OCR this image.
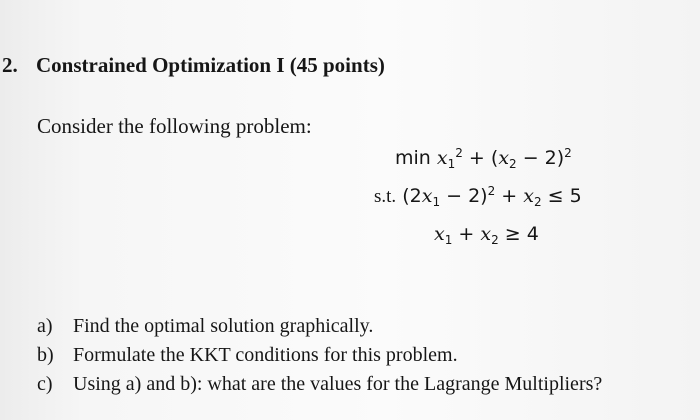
2. Constrained Optimization I (45 points)
Consider the following problem:
$\min x_1^2 + (x_2 - 2)^2$
s.t. $(2x_1 - 2)^2 + x_2 \le 5$
$x_1 + x_2 \ge 4$
a) Find the optimal solution graphically.
b) Formulate the KKT conditions for this problem.
c) Using a) and b): what are the values for the Lagrange Multipliers?
